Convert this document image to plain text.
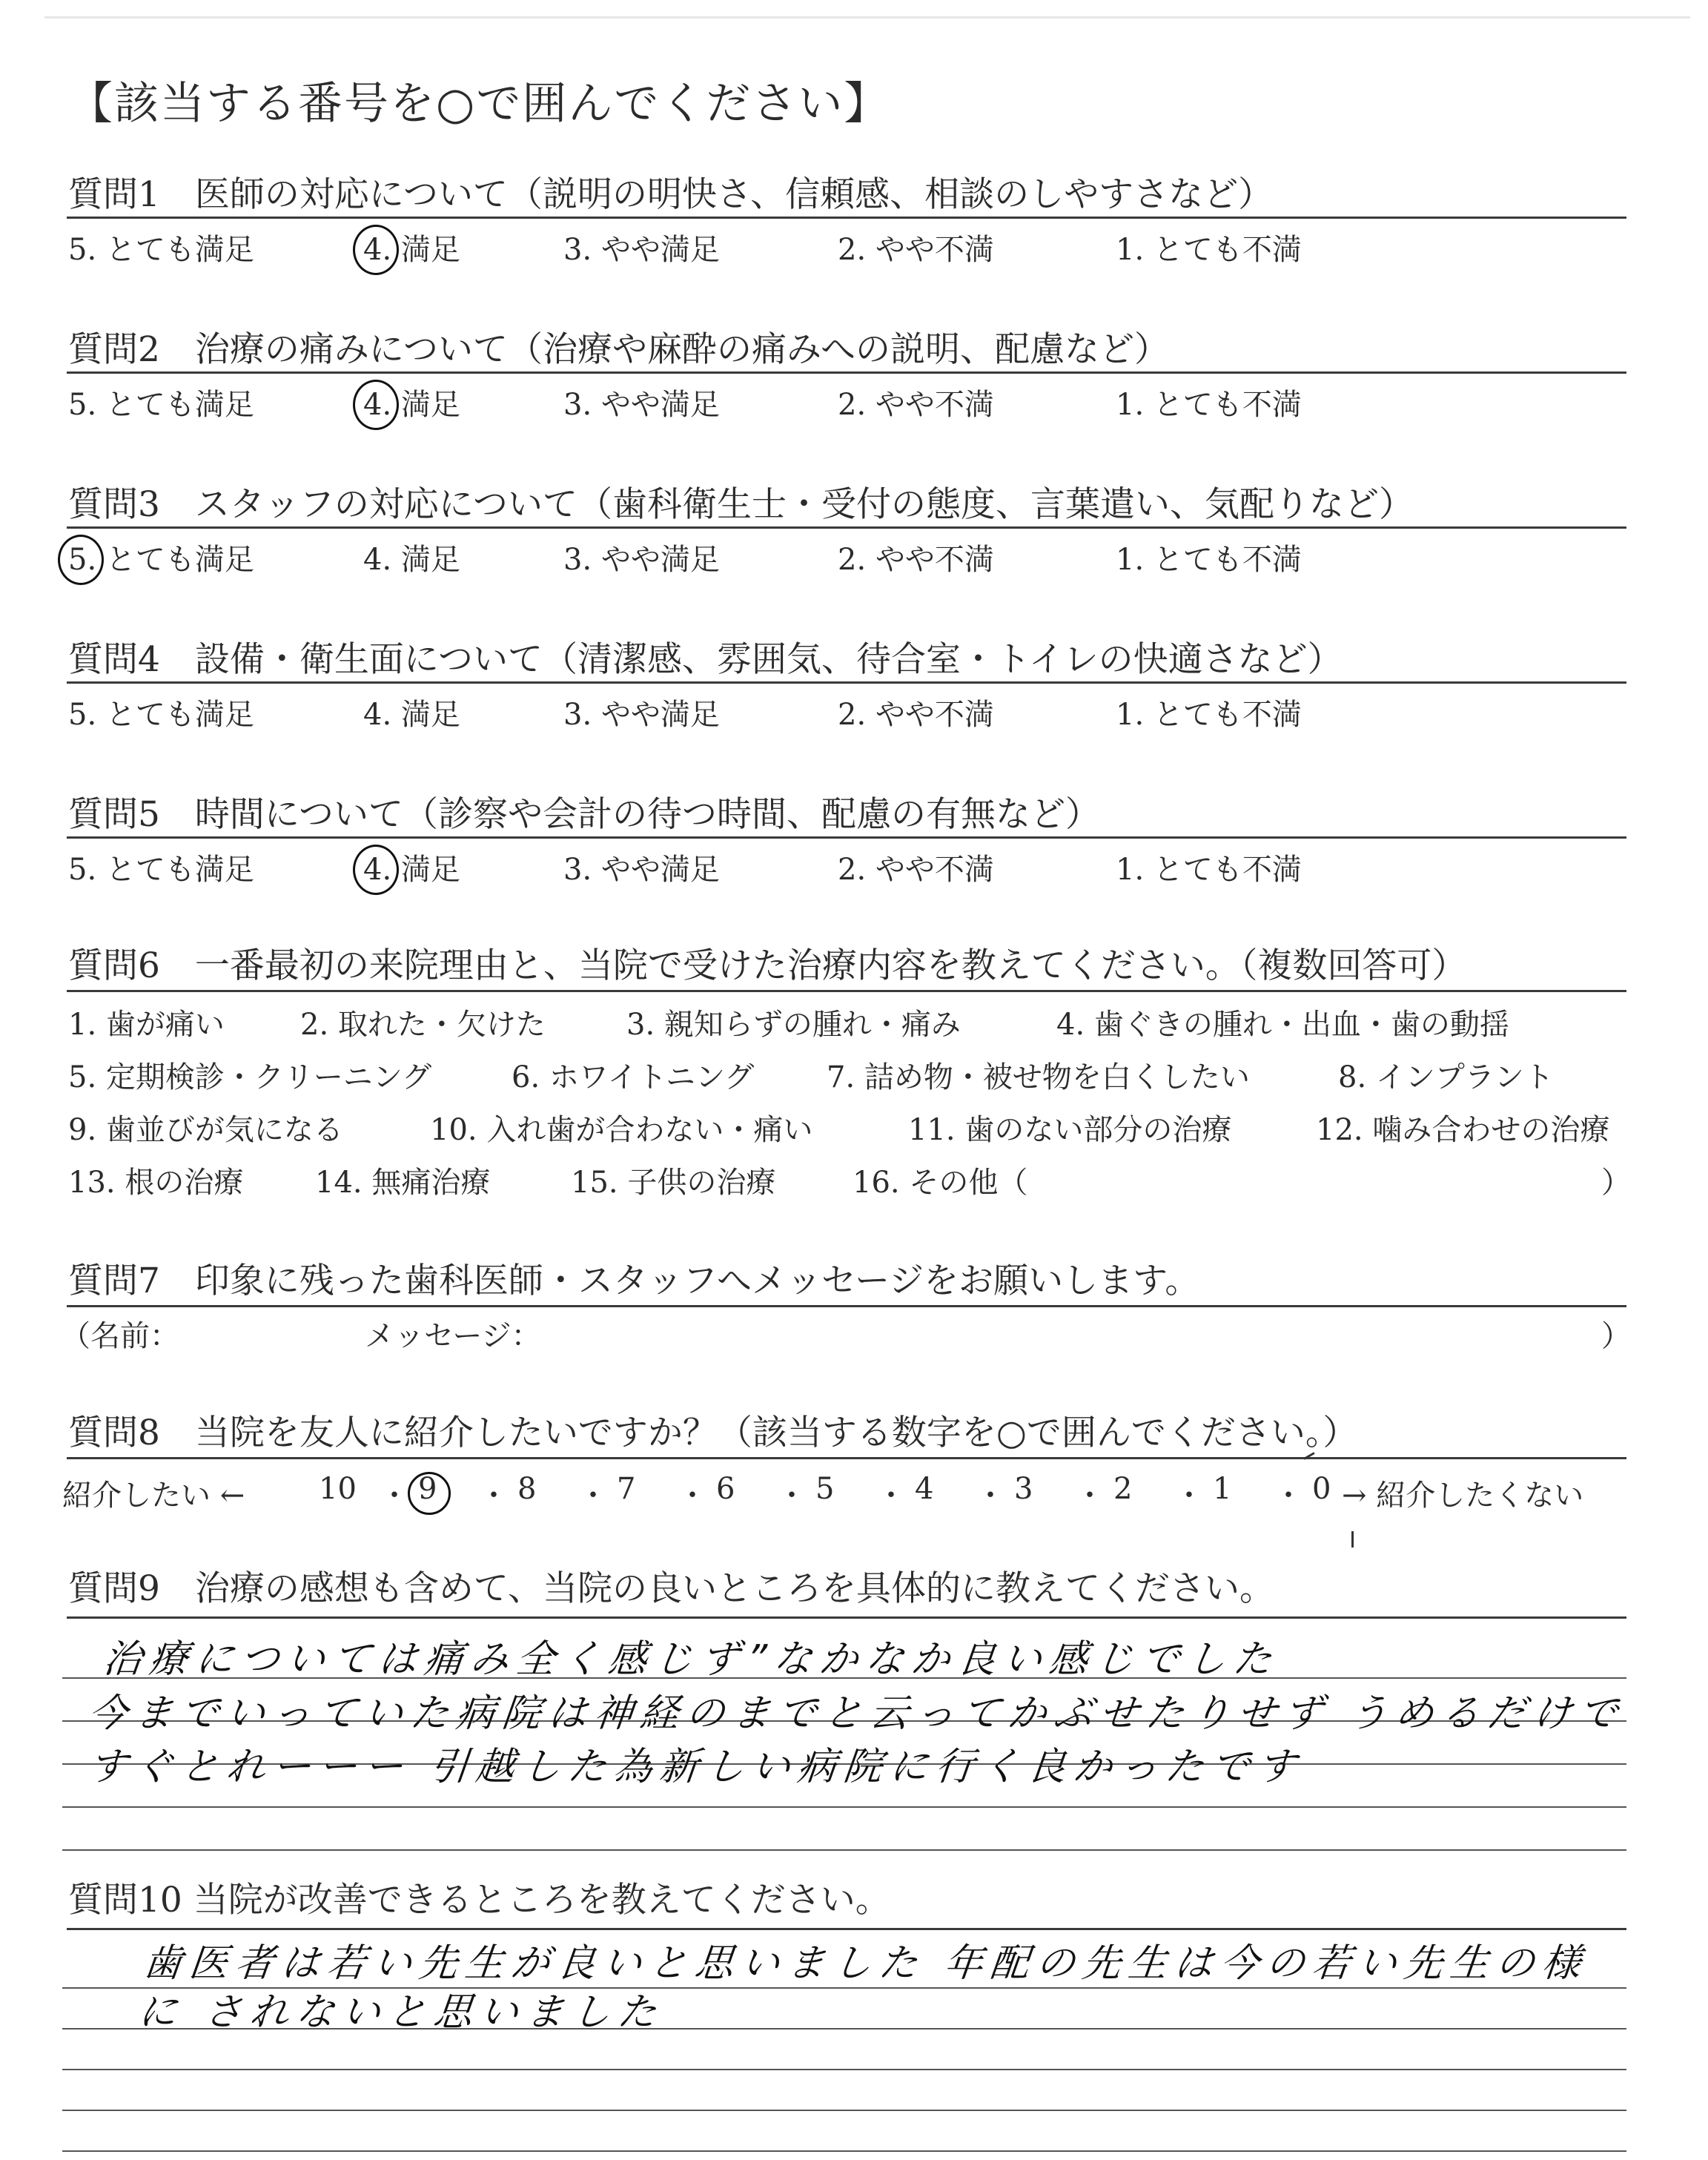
【該当する番号を○で囲んでください】
質問1　医師の対応について（説明の明快さ、信頼感、相談のしやすさなど）
5. とても満足	4. 満足	3. やや満足	2. やや不満	1. とても不満
質問2　治療の痛みについて（治療や麻酔の痛みへの説明、配慮など）
5. とても満足	4. 満足	3. やや満足	2. やや不満	1. とても不満
質問3　スタッフの対応について（歯科衛生士・受付の態度、言葉遣い、気配りなど）
5. とても満足	4. 満足	3. やや満足	2. やや不満	1. とても不満
質問4　設備・衛生面について（清潔感、雰囲気、待合室・トイレの快適さなど）
5. とても満足	4. 満足	3. やや満足	2. やや不満	1. とても不満
質問5　時間について（診察や会計の待つ時間、配慮の有無など）
5. とても満足	4. 満足	3. やや満足	2. やや不満	1. とても不満
質問6　一番最初の来院理由と、当院で受けた治療内容を教えてください。（複数回答可）
1. 歯が痛い	2. 取れた・欠けた	3. 親知らずの腫れ・痛み	4. 歯ぐきの腫れ・出血・歯の動揺
5. 定期検診・クリーニング	6. ホワイトニング 7. 詰め物・被せ物を白くしたい	8. インプラント
9. 歯並びが気になる	10. 入れ歯が合わない・痛い	11. 歯のない部分の治療	12. 噛み合わせの治療
13. 根の治療 14. 無痛治療	15. 子供の治療	16. その他（	）
質問7　印象に残った歯科医師・スタッフへメッセージをお願いします。
（名前：	メッセージ：	）
質問8　当院を友人に紹介したいですか？（該当する数字を○で囲んでください。）
紹介したい ← 10 ・ 9 ・ 8 ・ 7 ・ 6 ・ 5 ・ 4 ・ 3 ・ 2 ・ 1 ・ 0 → 紹介したくない
質問9　治療の感想も含めて、当院の良いところを具体的に教えてください。
治療については痛み全く感じず”なかなか良い感じでした
今までいっていた病院は神経のまでと云ってかぶせたりせず うめるだけで
すぐとれーーー 引越した為新しい病院に行く良かったです
質問10 当院が改善できるところを教えてください。
歯医者は若い先生が良いと思いました 年配の先生は今の若い先生の様に されないと思いました
